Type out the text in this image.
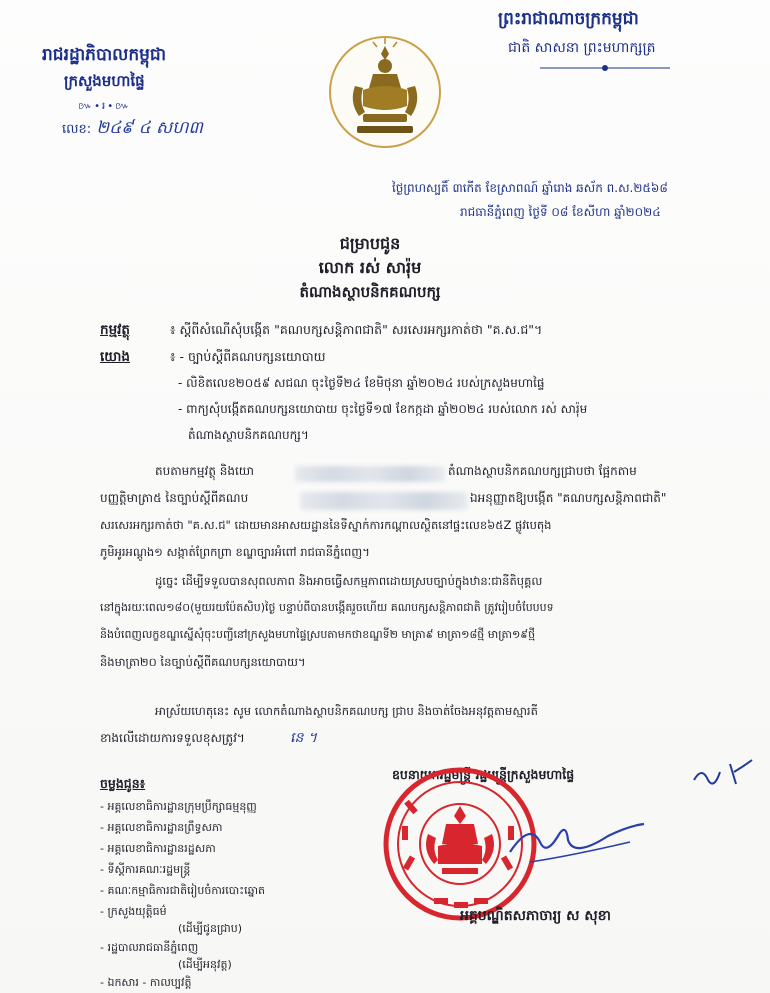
រាជរដ្ឋាភិបាលកម្ពុជា
ក្រសួងមហាផ្ទៃ
៚•៛•៚
លេខ: ២៤៩ ៤ សហ៣
ព្រះរាជាណាចក្រកម្ពុជា
ជាតិ សាសនា ព្រះមហាក្សត្រ
ថ្ងៃព្រហស្បតិ៍ ៣កើត ខែស្រាពណ៍ ឆ្នាំរោង ឆស័ក ព.ស.២៥៦៨
រាជធានីភ្នំពេញ ថ្ងៃទី ០៨ ខែសីហា ឆ្នាំ២០២៤
ជម្រាបជូន
លោក រស់ សារ៉ុម
តំណាងស្ថាបនិកគណបក្ស
កម្មវត្ថុ	៖ ស្តីពីសំណើសុំបង្កើត "គណបក្សសន្តិភាពជាតិ" សរសេរអក្សរកាត់ថា "គ.ស.ជ"។
យោង	៖ - ច្បាប់ស្តីពីគណបក្សនយោបាយ
- លិខិតលេខ២០៥៩ សជណ ចុះថ្ងៃទី២៤ ខែមិថុនា ឆ្នាំ២០២៤ របស់ក្រសួងមហាផ្ទៃ
- ពាក្យសុំបង្កើតគណបក្សនយោបាយ ចុះថ្ងៃទី១៧ ខែកក្កដា ឆ្នាំ២០២៤ របស់លោក រស់ សារ៉ុម
តំណាងស្ថាបនិកគណបក្ស។
តបតាមកម្មវត្ថុ និងយោ	តំណាងស្ថាបនិកគណបក្សជ្រាបថា ផ្អែកតាម
បញ្ញត្តិមាត្រា៥ នៃច្បាប់ស្តីពីគណប	ឯអនុញ្ញាតឱ្យបង្កើត "គណបក្សសន្តិភាពជាតិ"
សរសេរអក្សរកាត់ថា "គ.ស.ជ" ដោយមានអាសយដ្ឋាននៃទីស្នាក់ការកណ្តាលស្ថិតនៅផ្ទះលេខ៦៥Z ផ្លូវបេតុង
ភូមិអូរអណ្តូង១ សង្កាត់ព្រែកព្រា ខណ្ឌច្បារអំពៅ រាជធានីភ្នំពេញ។
ដូច្នេះ ដើម្បីទទួលបានសុពលភាព និងអាចធ្វើសកម្មភាពដោយស្របច្បាប់ក្នុងឋានៈជានីតិបុគ្គល
នៅក្នុងរយៈពេល១៨០(មួយរយប៉ែតសិប)ថ្ងៃ បន្ទាប់ពីបានបង្កើតរួចហើយ គណបក្សសន្តិភាពជាតិ ត្រូវរៀបចំបែបបទ
និងបំពេញលក្ខខណ្ឌស្នើសុំចុះបញ្ជីនៅក្រសួងមហាផ្ទៃស្របតាមកថាខណ្ឌទី២ មាត្រា៩ មាត្រា១៨ថ្មី មាត្រា១៩ថ្មី
និងមាត្រា២០ នៃច្បាប់ស្តីពីគណបក្សនយោបាយ។
អាស្រ័យហេតុនេះ សូម លោកតំណាងស្ថាបនិកគណបក្ស ជ្រាប និងចាត់ចែងអនុវត្តតាមស្មារតី
ខាងលើដោយការទទួលខុសត្រូវ។	នេ ។
ឧបនាយករដ្ឋមន្ត្រី រដ្ឋមន្ត្រីក្រសួងមហាផ្ទៃ
អគ្គបណ្ឌិតសភាចារ្យ ស សុខា
ចម្លងជូន៖
- អគ្គលេខាធិការដ្ឋានក្រុមប្រឹក្សាធម្មនុញ្ញ
- អគ្គលេខាធិការដ្ឋានព្រឹទ្ធសភា
- អគ្គលេខាធិការដ្ឋានរដ្ឋសភា
- ទីស្តីការគណៈរដ្ឋមន្ត្រី
- គណៈកម្មាធិការជាតិរៀបចំការបោះឆ្នោត
- ក្រសួងយុត្តិធម៌
(ដើម្បីជូនជ្រាប)
- រដ្ឋបាលរាជធានីភ្នំពេញ
(ដើម្បីអនុវត្ត)
- ឯកសារ - កាលប្បវត្តិ
